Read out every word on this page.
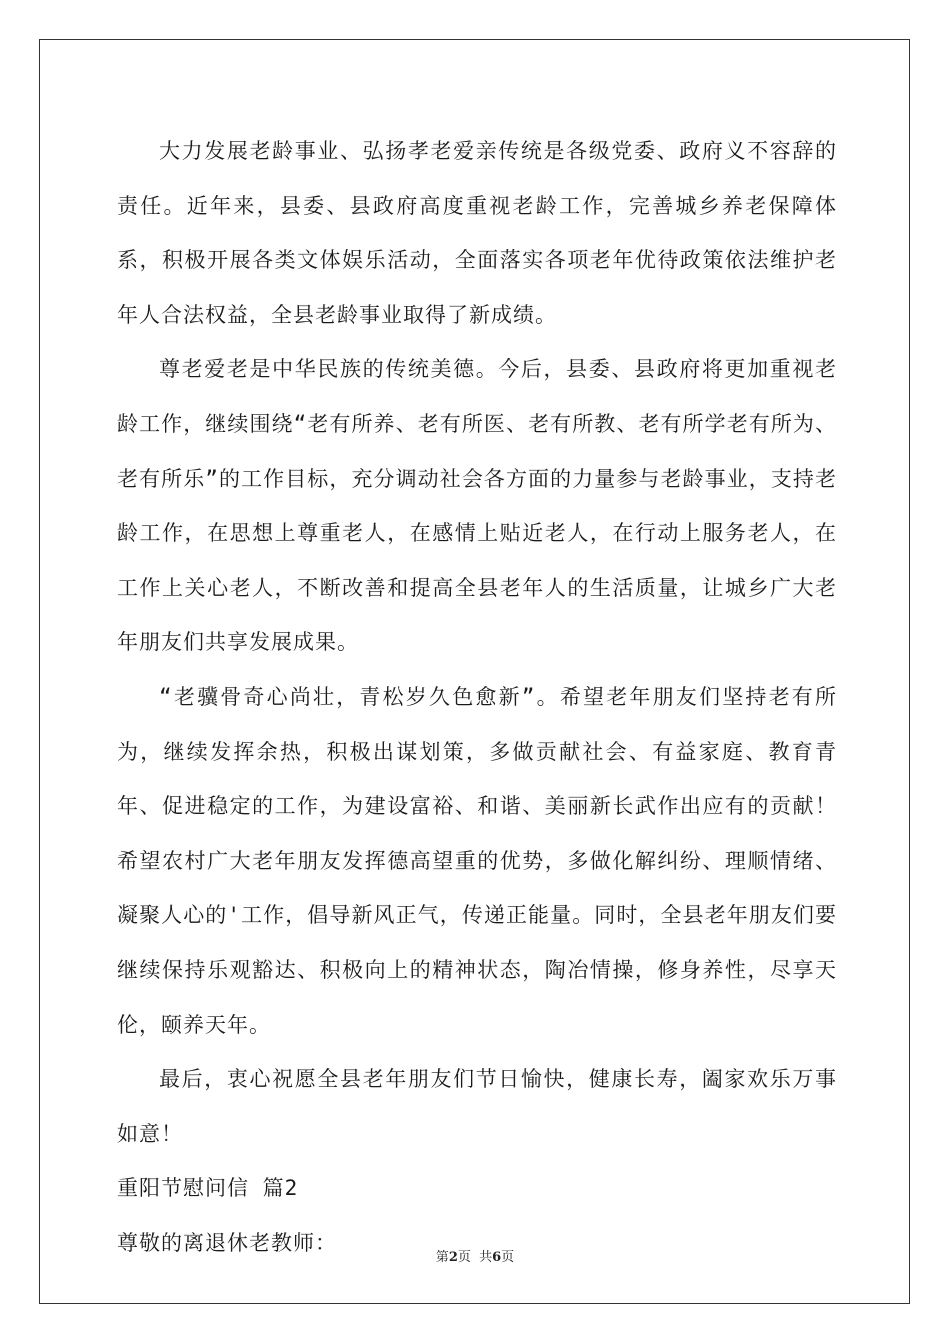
大力发展老龄事业、弘扬孝老爱亲传统是各级党委、政府义不容辞的责任。近年来，县委、县政府高度重视老龄工作，完善城乡养老保障体系，积极开展各类文体娱乐活动，全面落实各项老年优待政策依法维护老年人合法权益，全县老龄事业取得了新成绩。

尊老爱老是中华民族的传统美德。今后，县委、县政府将更加重视老龄工作，继续围绕“老有所养、老有所医、老有所教、老有所学老有所为、老有所乐”的工作目标，充分调动社会各方面的力量参与老龄事业，支持老龄工作，在思想上尊重老人，在感情上贴近老人，在行动上服务老人，在工作上关心老人，不断改善和提高全县老年人的生活质量，让城乡广大老年朋友们共享发展成果。

“老骥骨奇心尚壮，青松岁久色愈新”。希望老年朋友们坚持老有所为，继续发挥余热，积极出谋划策，多做贡献社会、有益家庭、教育青年、促进稳定的工作，为建设富裕、和谐、美丽新长武作出应有的贡献！希望农村广大老年朋友发挥德高望重的优势，多做化解纠纷、理顺情绪、凝聚人心的'工作，倡导新风正气，传递正能量。同时，全县老年朋友们要继续保持乐观豁达、积极向上的精神状态，陶冶情操，修身养性，尽享天伦，颐养天年。

最后，衷心祝愿全县老年朋友们节日愉快，健康长寿，阖家欢乐万事如意！

重阳节慰问信 篇2

尊敬的离退休老教师：

第2页  共6页
